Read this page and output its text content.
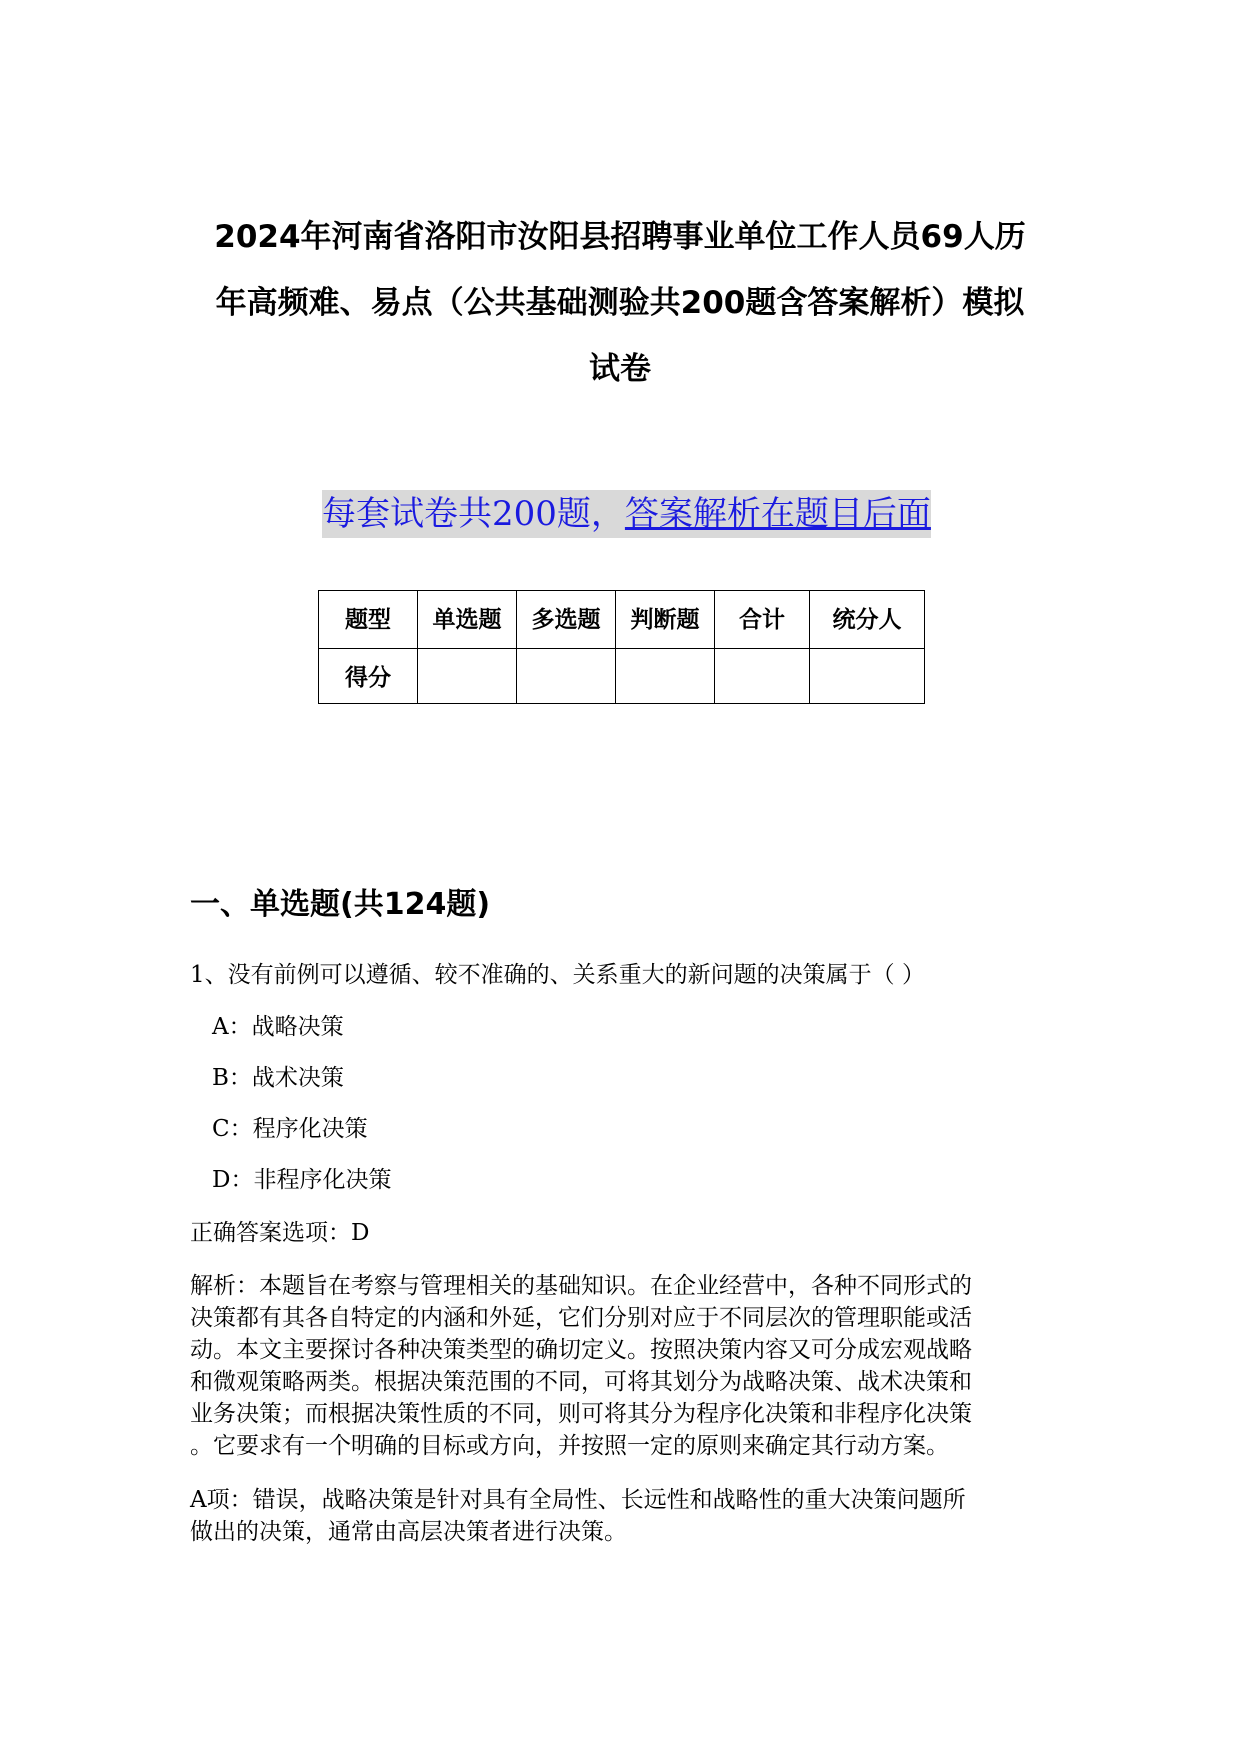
2024年河南省洛阳市汝阳县招聘事业单位工作人员69人历
年高频难、易点（公共基础测验共200题含答案解析）模拟
试卷
每套试卷共200题，答案解析在题目后面
题型	单选题	多选题	判断题	合计	统分人
得分					
一、单选题(共124题)
1、没有前例可以遵循、较不准确的、关系重大的新问题的决策属于（ ）
A：战略决策
B：战术决策
C：程序化决策
D：非程序化决策
正确答案选项：D
解析：本题旨在考察与管理相关的基础知识。在企业经营中，各种不同形式的
决策都有其各自特定的内涵和外延，它们分别对应于不同层次的管理职能或活
动。本文主要探讨各种决策类型的确切定义。按照决策内容又可分成宏观战略
和微观策略两类。根据决策范围的不同，可将其划分为战略决策、战术决策和
业务决策；而根据决策性质的不同，则可将其分为程序化决策和非程序化决策
。它要求有一个明确的目标或方向，并按照一定的原则来确定其行动方案。
A项：错误，战略决策是针对具有全局性、长远性和战略性的重大决策问题所
做出的决策，通常由高层决策者进行决策。
